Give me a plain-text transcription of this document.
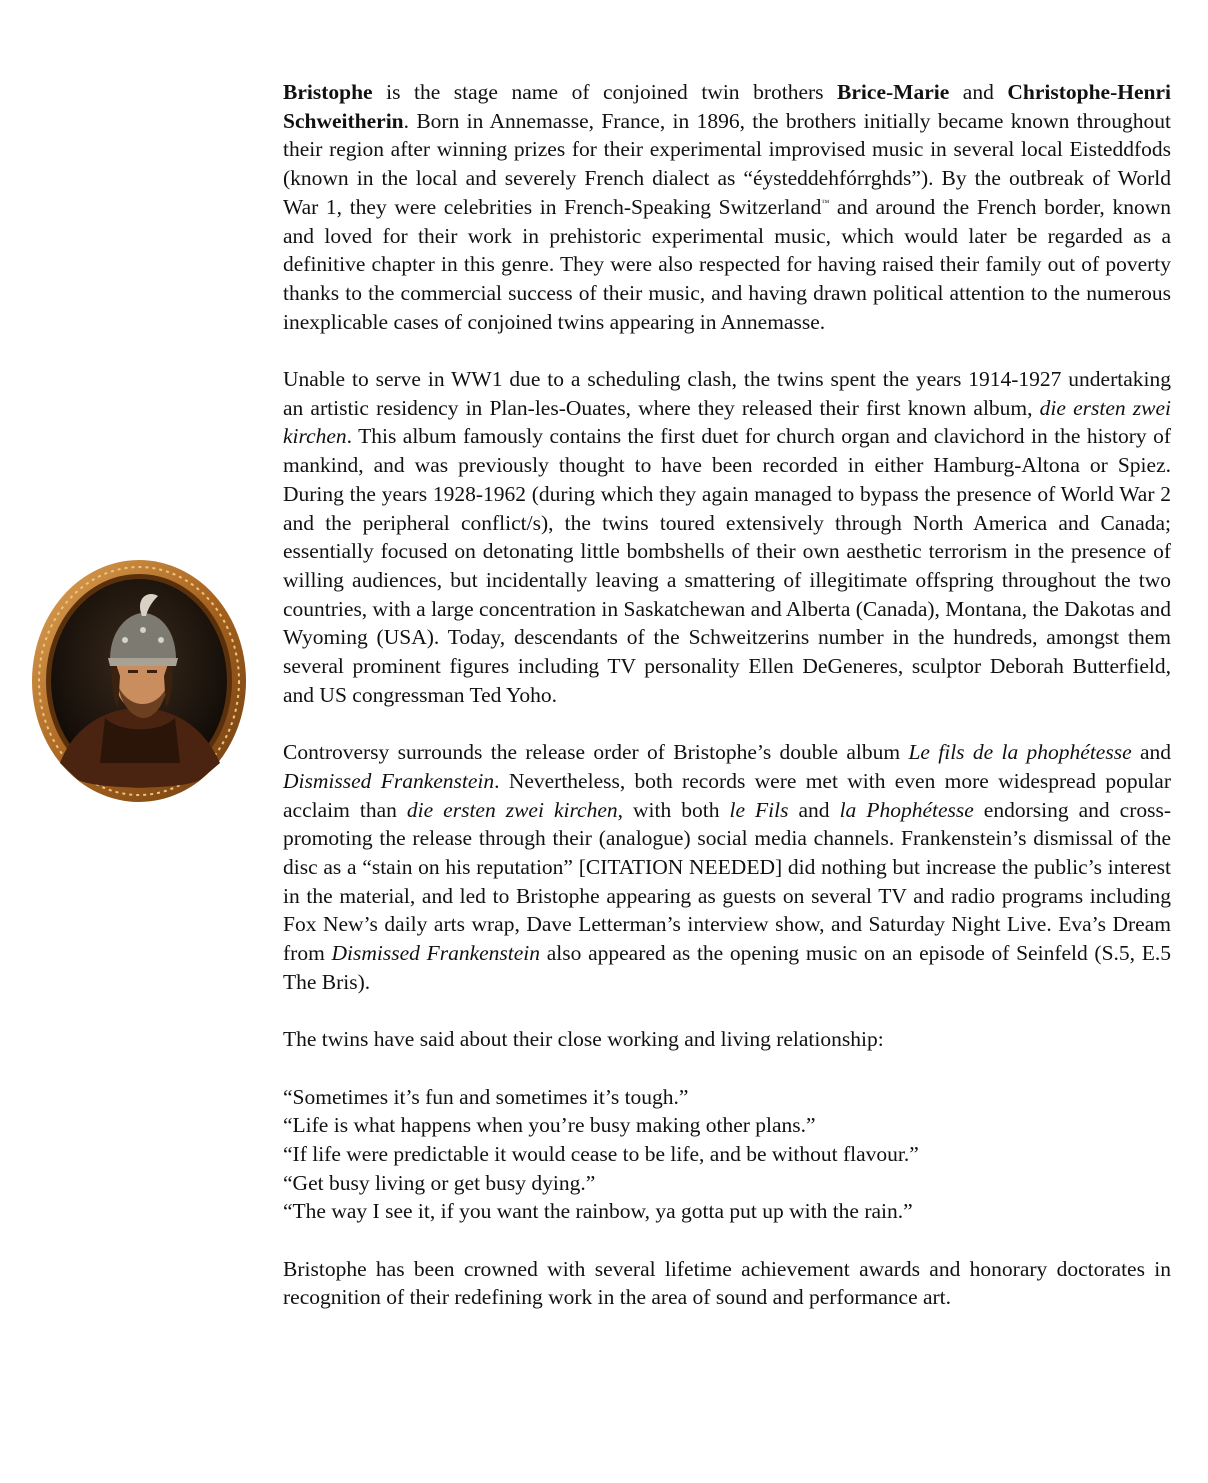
Bristophe is the stage name of conjoined twin brothers Brice-Marie and Christophe-Henri Schweitherin. Born in Annemasse, France, in 1896, the brothers initially became known throughout their region after winning prizes for their experimental improvised music in several local Eisteddfods (known in the local and severely French dialect as “éysteddehfórrghds”). By the outbreak of World War 1, they were celebrities in French-Speaking Switzerland™ and around the French border, known and loved for their work in prehistoric experimental music, which would later be regarded as a definitive chapter in this genre. They were also respected for having raised their family out of poverty thanks to the commercial success of their music, and having drawn political attention to the numerous inexplicable cases of conjoined twins appearing in Annemasse.

Unable to serve in WW1 due to a scheduling clash, the twins spent the years 1914-1927 undertaking an artistic residency in Plan-les-Ouates, where they released their first known album, die ersten zwei kirchen. This album famously contains the first duet for church organ and clavichord in the history of mankind, and was previously thought to have been recorded in either Hamburg-Altona or Spiez. During the years 1928-1962 (during which they again managed to bypass the presence of World War 2 and the peripheral conflict/s), the twins toured extensively through North America and Canada; essentially focused on detonating little bombshells of their own aesthetic terrorism in the presence of willing audiences, but incidentally leaving a smattering of illegitimate offspring throughout the two countries, with a large concentration in Saskatchewan and Alberta (Canada), Montana, the Dakotas and Wyoming (USA). Today, descendants of the Schweitzerins number in the hundreds, amongst them several prominent figures including TV personality Ellen DeGeneres, sculptor Deborah Butterfield, and US congressman Ted Yoho.

Controversy surrounds the release order of Bristophe’s double album Le fils de la phophétesse and Dismissed Frankenstein. Nevertheless, both records were met with even more widespread popular acclaim than die ersten zwei kirchen, with both le Fils and la Phophétesse endorsing and cross-promoting the release through their (analogue) social media channels. Frankenstein’s dismissal of the disc as a “stain on his reputation” [CITATION NEEDED] did nothing but increase the public’s interest in the material, and led to Bristophe appearing as guests on several TV and radio programs including Fox New’s daily arts wrap, Dave Letterman’s interview show, and Saturday Night Live. Eva’s Dream from Dismissed Frankenstein also appeared as the opening music on an episode of Seinfeld (S.5, E.5 The Bris).

The twins have said about their close working and living relationship:

“Sometimes it’s fun and sometimes it’s tough.”

“Life is what happens when you’re busy making other plans.”

“If life were predictable it would cease to be life, and be without flavour.”

“Get busy living or get busy dying.”

“The way I see it, if you want the rainbow, ya gotta put up with the rain.”

Bristophe has been crowned with several lifetime achievement awards and honorary doctorates in recognition of their redefining work in the area of sound and performance art.
